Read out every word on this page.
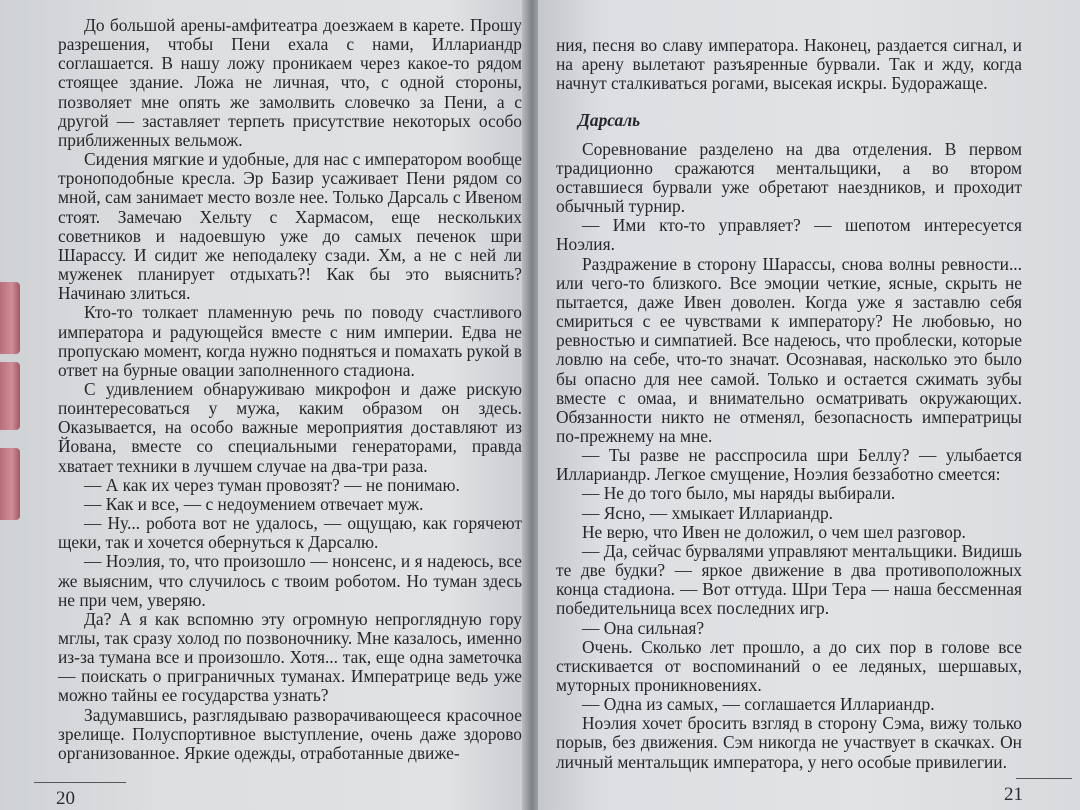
До большой арены-амфитеатра доезжаем в карете. Прошу разрешения, чтобы Пени ехала с нами, Иллариандр соглашается. В нашу ложу проникаем через какое-то рядом стоящее здание. Ложа не личная, что, с одной стороны, позволяет мне опять же замолвить словечко за Пени, а с другой — заставляет терпеть присутствие некоторых особо приближенных вельмож.

Сидения мягкие и удобные, для нас с императором вообще троноподобные кресла. Эр Базир усаживает Пени рядом со мной, сам занимает место возле нее. Только Дарсаль с Ивеном стоят. Замечаю Хельту с Хармасом, еще нескольких советников и надоевшую уже до самых печенок шри Шарассу. И сидит же неподалеку сзади. Хм, а не с ней ли муженек планирует отдыхать?! Как бы это выяснить? Начинаю злиться.

Кто-то толкает пламенную речь по поводу счастливого императора и радующейся вместе с ним империи. Едва не пропускаю момент, когда нужно подняться и помахать рукой в ответ на бурные овации заполненного стадиона.

С удивлением обнаруживаю микрофон и даже рискую поинтересоваться у мужа, каким образом он здесь. Оказывается, на особо важные мероприятия доставляют из Йована, вместе со специальными генераторами, правда хватает техники в лучшем случае на два-три раза.

— А как их через туман провозят? — не понимаю.

— Как и все, — с недоумением отвечает муж.

— Ну... робота вот не удалось, — ощущаю, как горячеют щеки, так и хочется обернуться к Дарсалю.

— Ноэлия, то, что произошло — нонсенс, и я надеюсь, все же выясним, что случилось с твоим роботом. Но туман здесь не при чем, уверяю.

Да? А я как вспомню эту огромную непроглядную гору мглы, так сразу холод по позвоночнику. Мне казалось, именно из-за тумана все и произошло. Хотя... так, еще одна заметочка — поискать о приграничных туманах. Императрице ведь уже можно тайны ее государства узнать?

Задумавшись, разглядываю разворачивающееся красочное зрелище. Полуспортивное выступление, очень даже здорово организованное. Яркие одежды, отработанные движе-

20

ния, песня во славу императора. Наконец, раздается сигнал, и на арену вылетают разъяренные бурвали. Так и жду, когда начнут сталкиваться рогами, высекая искры. Будоражаще.

Дарсаль

Соревнование разделено на два отделения. В первом традиционно сражаются ментальщики, а во втором оставшиеся бурвали уже обретают наездников, и проходит обычный турнир.

— Ими кто-то управляет? — шепотом интересуется Ноэлия.

Раздражение в сторону Шарассы, снова волны ревности... или чего-то близкого. Все эмоции четкие, ясные, скрыть не пытается, даже Ивен доволен. Когда уже я заставлю себя смириться с ее чувствами к императору? Не любовью, но ревностью и симпатией. Все надеюсь, что проблески, которые ловлю на себе, что-то значат. Осознавая, насколько это было бы опасно для нее самой. Только и остается сжимать зубы вместе с омаа, и внимательно осматривать окружающих. Обязанности никто не отменял, безопасность императрицы по-прежнему на мне.

— Ты разве не расспросила шри Беллу? — улыбается Иллариандр. Легкое смущение, Ноэлия беззаботно смеется:

— Не до того было, мы наряды выбирали.

— Ясно, — хмыкает Иллариандр.

Не верю, что Ивен не доложил, о чем шел разговор.

— Да, сейчас бурвалями управляют ментальщики. Видишь те две будки? — яркое движение в два противоположных конца стадиона. — Вот оттуда. Шри Тера — наша бессменная победительница всех последних игр.

— Она сильная?

Очень. Сколько лет прошло, а до сих пор в голове все стискивается от воспоминаний о ее ледяных, шершавых, муторных проникновениях.

— Одна из самых, — соглашается Иллариандр.

Ноэлия хочет бросить взгляд в сторону Сэма, вижу только порыв, без движения. Сэм никогда не участвует в скачках. Он личный ментальщик императора, у него особые привилегии.

21
